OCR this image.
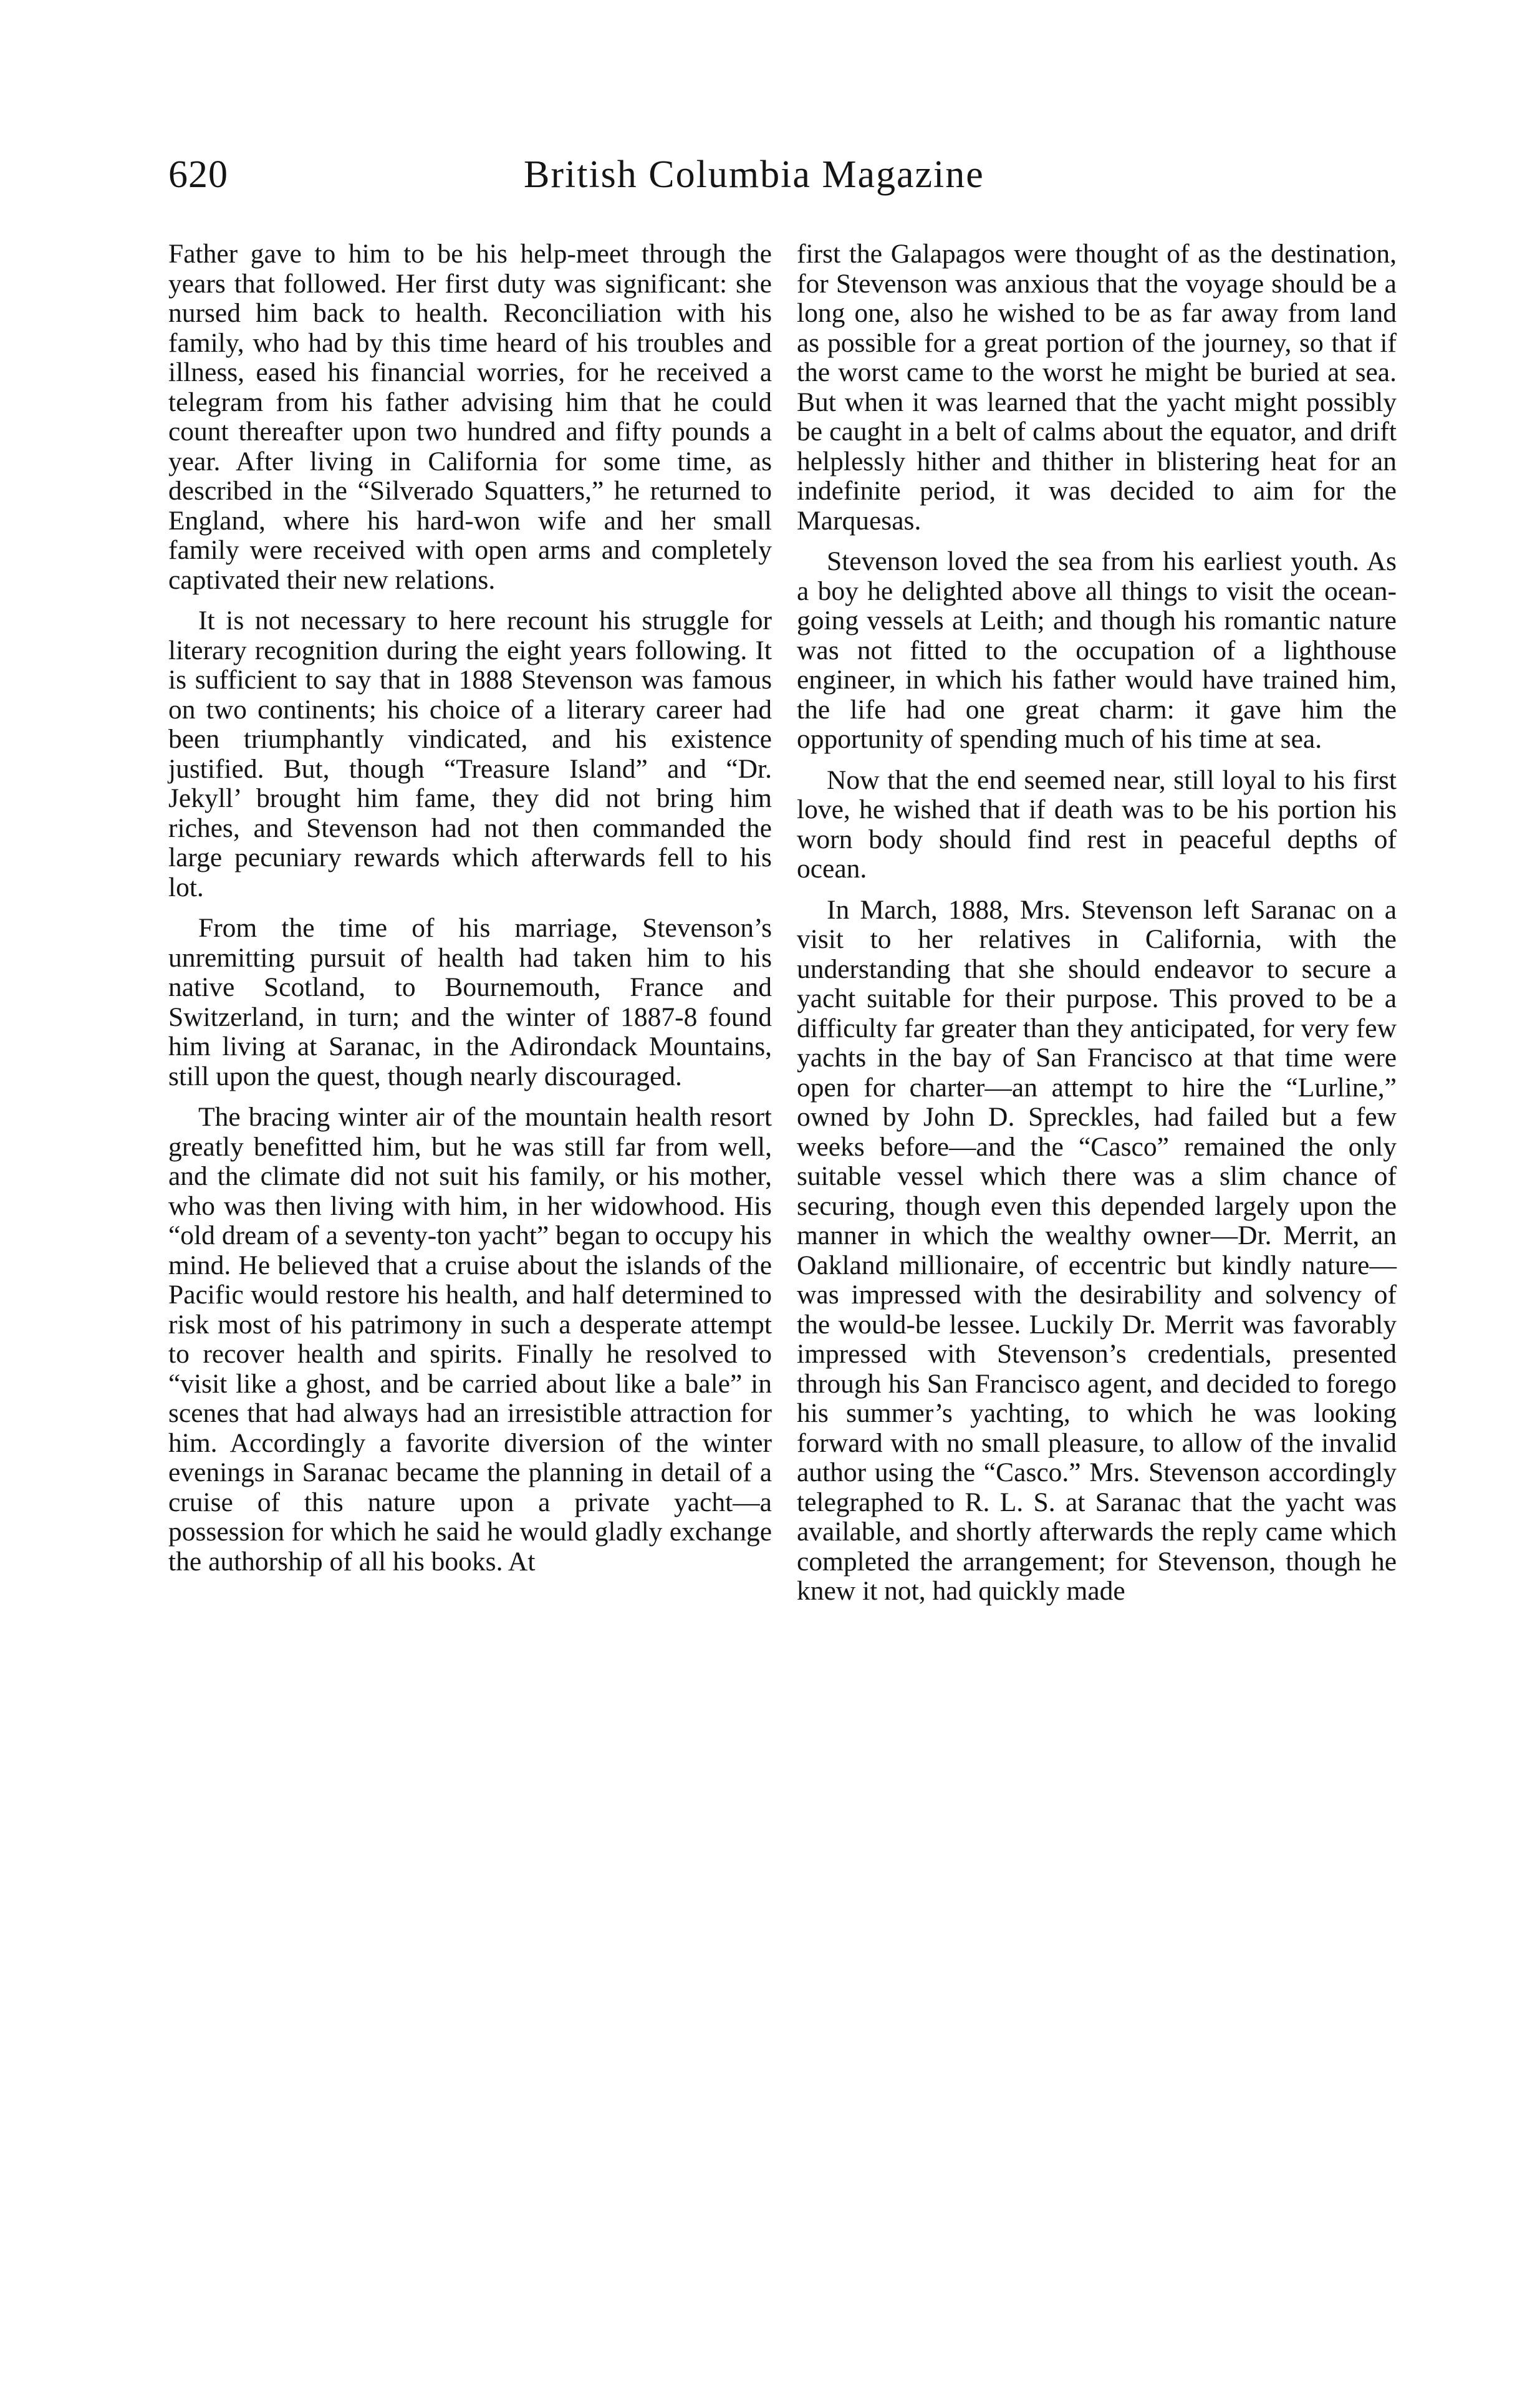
620	British Columbia Magazine

Father gave to him to be his help-meet through the years that followed. Her first duty was significant: she nursed him back to health. Reconciliation with his family, who had by this time heard of his troubles and illness, eased his financial worries, for he received a telegram from his father advising him that he could count thereafter upon two hundred and fifty pounds a year. After living in California for some time, as described in the “Silverado Squatters,” he returned to England, where his hard-won wife and her small family were received with open arms and completely captivated their new relations.

It is not necessary to here recount his struggle for literary recognition during the eight years following. It is sufficient to say that in 1888 Stevenson was famous on two continents; his choice of a literary career had been triumphantly vindicated, and his existence justified. But, though “Treasure Island” and “Dr. Jekyll’ brought him fame, they did not bring him riches, and Stevenson had not then commanded the large pecuniary rewards which afterwards fell to his lot.

From the time of his marriage, Stevenson’s unremitting pursuit of health had taken him to his native Scotland, to Bournemouth, France and Switzerland, in turn; and the winter of 1887-8 found him living at Saranac, in the Adirondack Mountains, still upon the quest, though nearly discouraged.

The bracing winter air of the mountain health resort greatly benefitted him, but he was still far from well, and the climate did not suit his family, or his mother, who was then living with him, in her widowhood. His “old dream of a seventy-ton yacht” began to occupy his mind. He believed that a cruise about the islands of the Pacific would restore his health, and half determined to risk most of his patrimony in such a desperate attempt to recover health and spirits. Finally he resolved to “visit like a ghost, and be carried about like a bale” in scenes that had always had an irresistible attraction for him. Accordingly a favorite diversion of the winter evenings in Saranac became the planning in detail of a cruise of this nature upon a private yacht—a possession for which he said he would gladly exchange the authorship of all his books. At

first the Galapagos were thought of as the destination, for Stevenson was anxious that the voyage should be a long one, also he wished to be as far away from land as possible for a great portion of the journey, so that if the worst came to the worst he might be buried at sea. But when it was learned that the yacht might possibly be caught in a belt of calms about the equator, and drift helplessly hither and thither in blistering heat for an indefinite period, it was decided to aim for the Marquesas.

Stevenson loved the sea from his earliest youth. As a boy he delighted above all things to visit the ocean-going vessels at Leith; and though his romantic nature was not fitted to the occupation of a lighthouse engineer, in which his father would have trained him, the life had one great charm: it gave him the opportunity of spending much of his time at sea.

Now that the end seemed near, still loyal to his first love, he wished that if death was to be his portion his worn body should find rest in peaceful depths of ocean.

In March, 1888, Mrs. Stevenson left Saranac on a visit to her relatives in California, with the understanding that she should endeavor to secure a yacht suitable for their purpose. This proved to be a difficulty far greater than they anticipated, for very few yachts in the bay of San Francisco at that time were open for charter—an attempt to hire the “Lurline,” owned by John D. Spreckles, had failed but a few weeks before—and the “Casco” remained the only suitable vessel which there was a slim chance of securing, though even this depended largely upon the manner in which the wealthy owner—Dr. Merrit, an Oakland millionaire, of eccentric but kindly nature—was impressed with the desirability and solvency of the would-be lessee. Luckily Dr. Merrit was favorably impressed with Stevenson’s credentials, presented through his San Francisco agent, and decided to forego his summer’s yachting, to which he was looking forward with no small pleasure, to allow of the invalid author using the “Casco.” Mrs. Stevenson accordingly telegraphed to R. L. S. at Saranac that the yacht was available, and shortly afterwards the reply came which completed the arrangement; for Stevenson, though he knew it not, had quickly made
